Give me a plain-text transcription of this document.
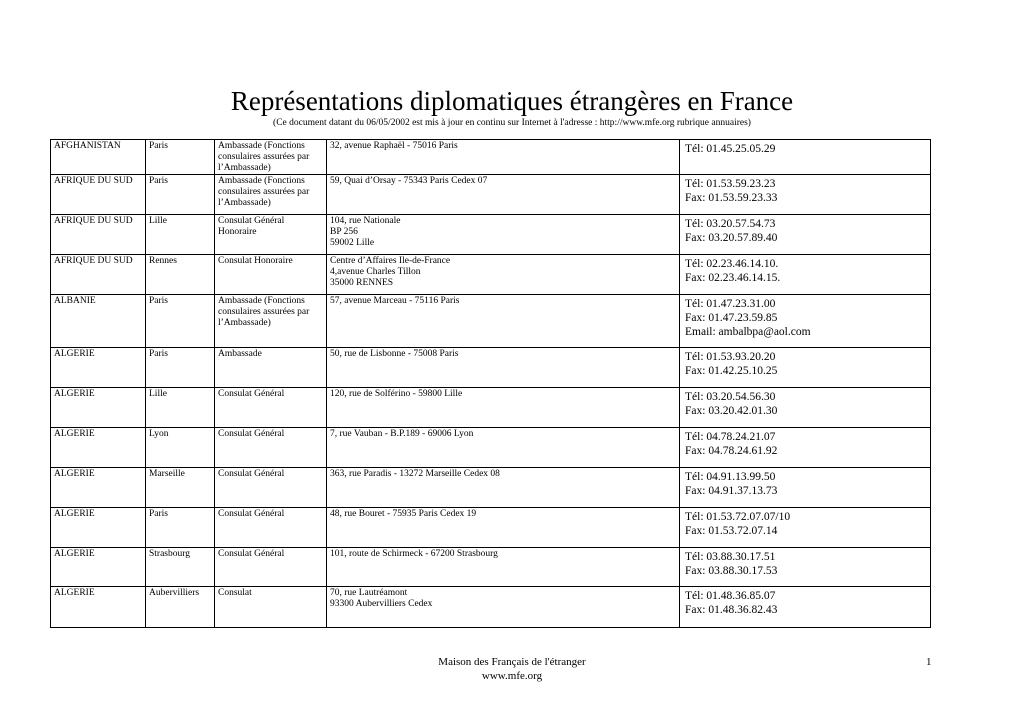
Représentations diplomatiques étrangères en France
(Ce document datant du 06/05/2002 est mis à jour en continu sur Internet à l'adresse : http://www.mfe.org rubrique annuaires)
AFGHANISTAN	Paris	Ambassade (Fonctions consulaires assurées par l’Ambassade)	32, avenue Raphaël - 75016 Paris	Tél: 01.45.25.05.29

AFRIQUE DU SUD	Paris	Ambassade (Fonctions consulaires assurées par l’Ambassade)	59, Quai d’Orsay - 75343 Paris Cedex 07	Tél: 01.53.59.23.23
Fax: 01.53.59.23.33

AFRIQUE DU SUD	Lille	Consulat Général Honoraire	104, rue Nationale
BP 256
59002 Lille	Tél: 03.20.57.54.73
Fax: 03.20.57.89.40

AFRIQUE DU SUD	Rennes	Consulat Honoraire	Centre d’Affaires Ile-de-France
4,avenue Charles Tillon
35000 RENNES	Tél: 02.23.46.14.10.
Fax: 02.23.46.14.15.

ALBANIE	Paris	Ambassade (Fonctions consulaires assurées par l’Ambassade)	57, avenue Marceau - 75116 Paris	Tél: 01.47.23.31.00
Fax: 01.47.23.59.85
Email: ambalbpa@aol.com

ALGERIE	Paris	Ambassade	50, rue de Lisbonne - 75008 Paris	Tél: 01.53.93.20.20
Fax: 01.42.25.10.25

ALGERIE	Lille	Consulat Général	120, rue de Solférino - 59800 Lille	Tél: 03.20.54.56.30
Fax: 03.20.42.01.30

ALGERIE	Lyon	Consulat Général	7, rue Vauban - B.P.189 - 69006 Lyon	Tél: 04.78.24.21.07
Fax: 04.78.24.61.92

ALGERIE	Marseille	Consulat Général	363, rue Paradis - 13272 Marseille Cedex 08	Tél: 04.91.13.99.50
Fax: 04.91.37.13.73

ALGERIE	Paris	Consulat Général	48, rue Bouret - 75935 Paris Cedex 19	Tél: 01.53.72.07.07/10
Fax: 01.53.72.07.14

ALGERIE	Strasbourg	Consulat Général	101, route de Schirmeck - 67200 Strasbourg	Tél: 03.88.30.17.51
Fax: 03.88.30.17.53

ALGERIE	Aubervilliers	Consulat	70, rue Lautréamont
93300 Aubervilliers Cedex	Tél: 01.48.36.85.07
Fax: 01.48.36.82.43
Maison des Français de l'étranger
www.mfe.org
1
